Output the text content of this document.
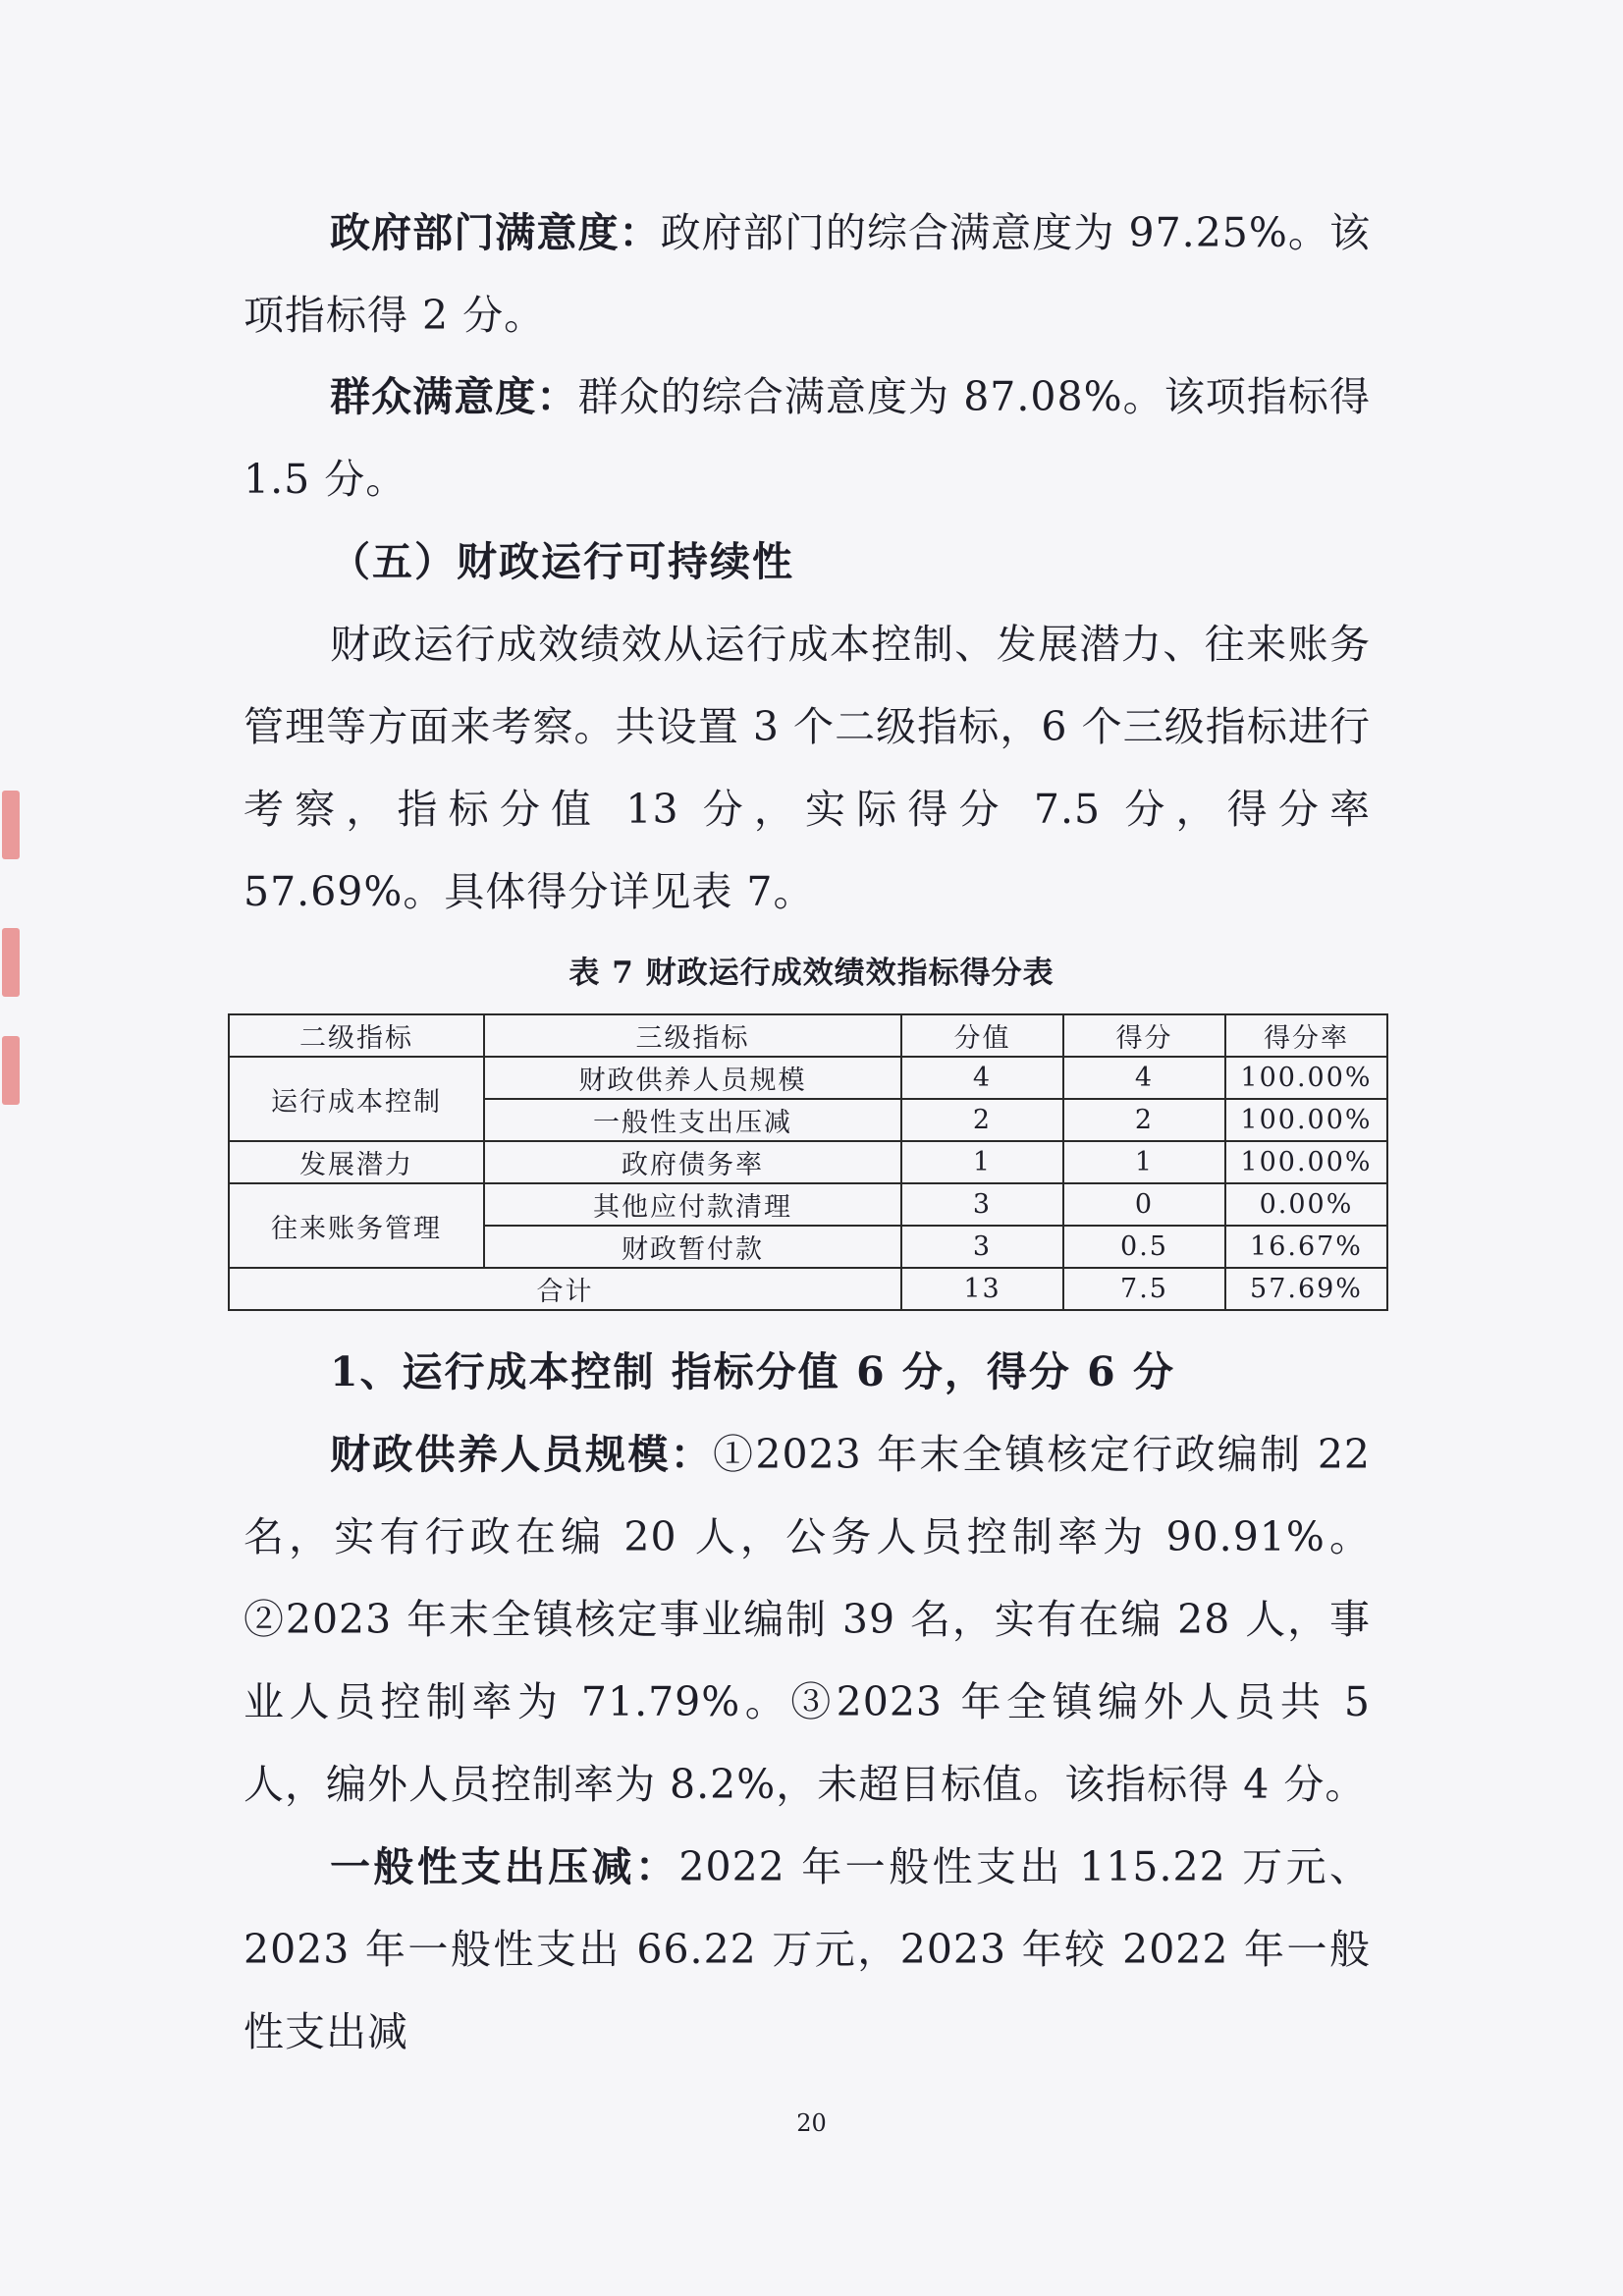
政府部门满意度：政府部门的综合满意度为 97.25%。该项指标得 2 分。

群众满意度：群众的综合满意度为 87.08%。该项指标得 1.5 分。

（五）财政运行可持续性

财政运行成效绩效从运行成本控制、发展潜力、往来账务管理等方面来考察。共设置 3 个二级指标，6 个三级指标进行考察，指标分值 13 分，实际得分 7.5 分，得分率 57.69%。具体得分详见表 7。

表 7 财政运行成效绩效指标得分表
二级指标	三级指标	分值	得分	得分率
运行成本控制	财政供养人员规模	4	4	100.00%
	一般性支出压减	2	2	100.00%
发展潜力	政府债务率	1	1	100.00%
往来账务管理	其他应付款清理	3	0	0.00%
	财政暂付款	3	0.5	16.67%
合计		13	7.5	57.69%

1、运行成本控制 指标分值 6 分，得分 6 分

财政供养人员规模：①2023 年末全镇核定行政编制 22 名，实有行政在编 20 人，公务人员控制率为 90.91%。②2023 年末全镇核定事业编制 39 名，实有在编 28 人，事业人员控制率为 71.79%。③2023 年全镇编外人员共 5 人，编外人员控制率为 8.2%，未超目标值。该指标得 4 分。

一般性支出压减：2022 年一般性支出 115.22 万元、2023 年一般性支出 66.22 万元，2023 年较 2022 年一般性支出减

20
